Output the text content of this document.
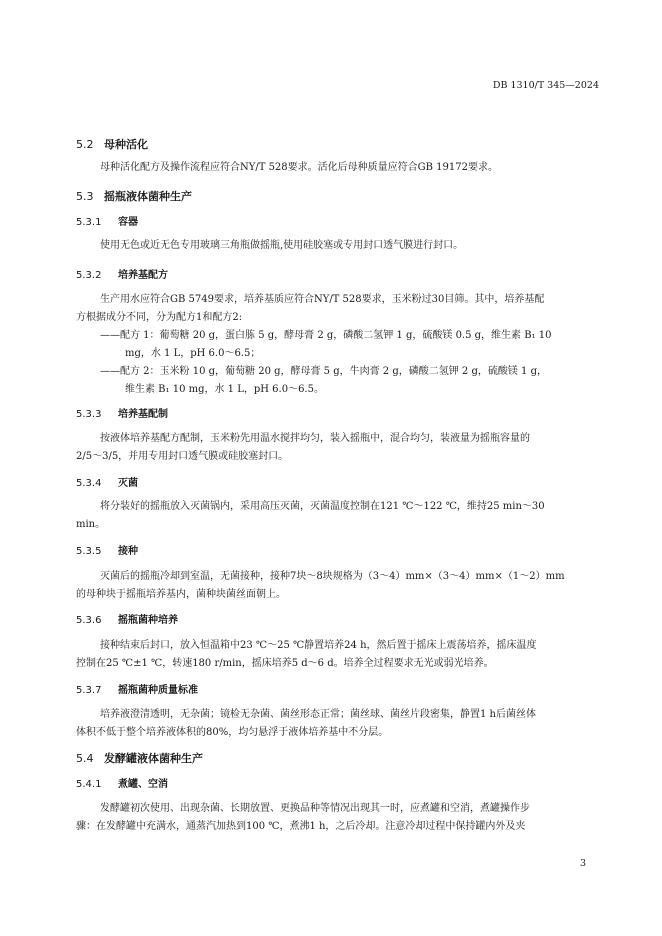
DB 1310/T 345—2024
5.2 母种活化
母种活化配方及操作流程应符合NY/T 528要求。活化后母种质量应符合GB 19172要求。
5.3 摇瓶液体菌种生产
5.3.1 容器
使用无色或近无色专用玻璃三角瓶做摇瓶,使用硅胶塞或专用封口透气膜进行封口。
5.3.2 培养基配方
生产用水应符合GB 5749要求，培养基质应符合NY/T 528要求，玉米粉过30目筛。其中，培养基配
方根据成分不同，分为配方1和配方2:
——配方 1：葡萄糖 20 g，蛋白胨 5 g，酵母膏 2 g，磷酸二氢钾 1 g，硫酸镁 0.5 g，维生素 B₁ 10
mg，水 1 L，pH 6.0～6.5；
——配方 2：玉米粉 10 g，葡萄糖 20 g，酵母膏 5 g，牛肉膏 2 g，磷酸二氢钾 2 g，硫酸镁 1 g，
维生素 B₁ 10 mg，水 1 L，pH 6.0～6.5。
5.3.3 培养基配制
按液体培养基配方配制，玉米粉先用温水搅拌均匀，装入摇瓶中，混合均匀，装液量为摇瓶容量的
2/5～3/5，并用专用封口透气膜或硅胶塞封口。
5.3.4 灭菌
将分装好的摇瓶放入灭菌锅内，采用高压灭菌，灭菌温度控制在121 ℃～122 ℃，维持25 min～30
min。
5.3.5 接种
灭菌后的摇瓶冷却到室温，无菌接种，接种7块～8块规格为（3～4）mm×（3～4）mm×（1～2）mm
的母种块于摇瓶培养基内，菌种块菌丝面朝上。
5.3.6 摇瓶菌种培养
接种结束后封口，放入恒温箱中23 ℃～25 ℃静置培养24 h，然后置于摇床上震荡培养，摇床温度
控制在25 ℃±1 ℃，转速180 r/min，摇床培养5 d～6 d。培养全过程要求无光或弱光培养。
5.3.7 摇瓶菌种质量标准
培养液澄清透明，无杂菌；镜检无杂菌、菌丝形态正常；菌丝球、菌丝片段密集，静置1 h后菌丝体
体积不低于整个培养液体积的80%，均匀悬浮于液体培养基中不分层。
5.4 发酵罐液体菌种生产
5.4.1 煮罐、空消
发酵罐初次使用、出现杂菌、长期放置、更换品种等情况出现其一时，应煮罐和空消，煮罐操作步
骤：在发酵罐中充满水，通蒸汽加热到100 ℃，煮沸1 h，之后冷却。注意冷却过程中保持罐内外及夹
3
